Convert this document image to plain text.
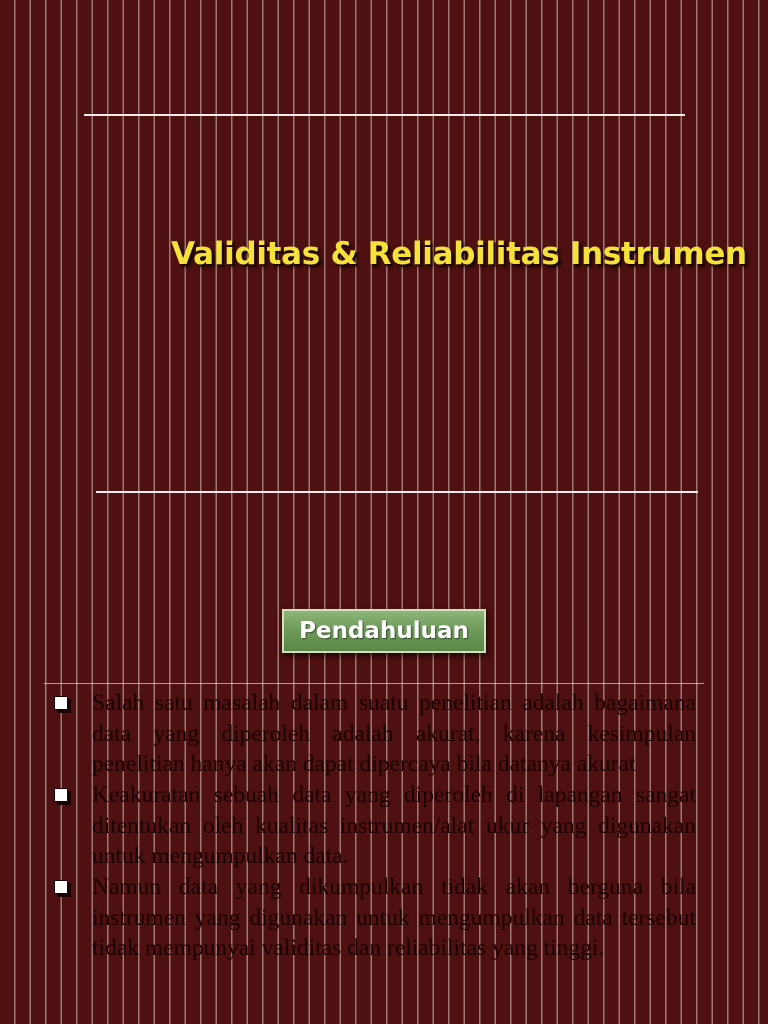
Validitas & Reliabilitas Instrumen
Pendahuluan
Salah satu masalah dalam suatu penelitian adalah bagaimana data yang diperoleh adalah akurat, karena kesimpulan penelitian hanya akan dapat dipercaya bila datanya akurat
Keakuratan sebuah data yang diperoleh di lapangan sangat ditentukan oleh kualitas instrumen/alat ukur yang digunakan untuk mengumpulkan data.
Namun data yang dikumpulkan tidak akan berguna bila instrumen yang digunakan untuk mengumpulkan data tersebut tidak mempunyai validitas dan reliabilitas yang tinggi.
